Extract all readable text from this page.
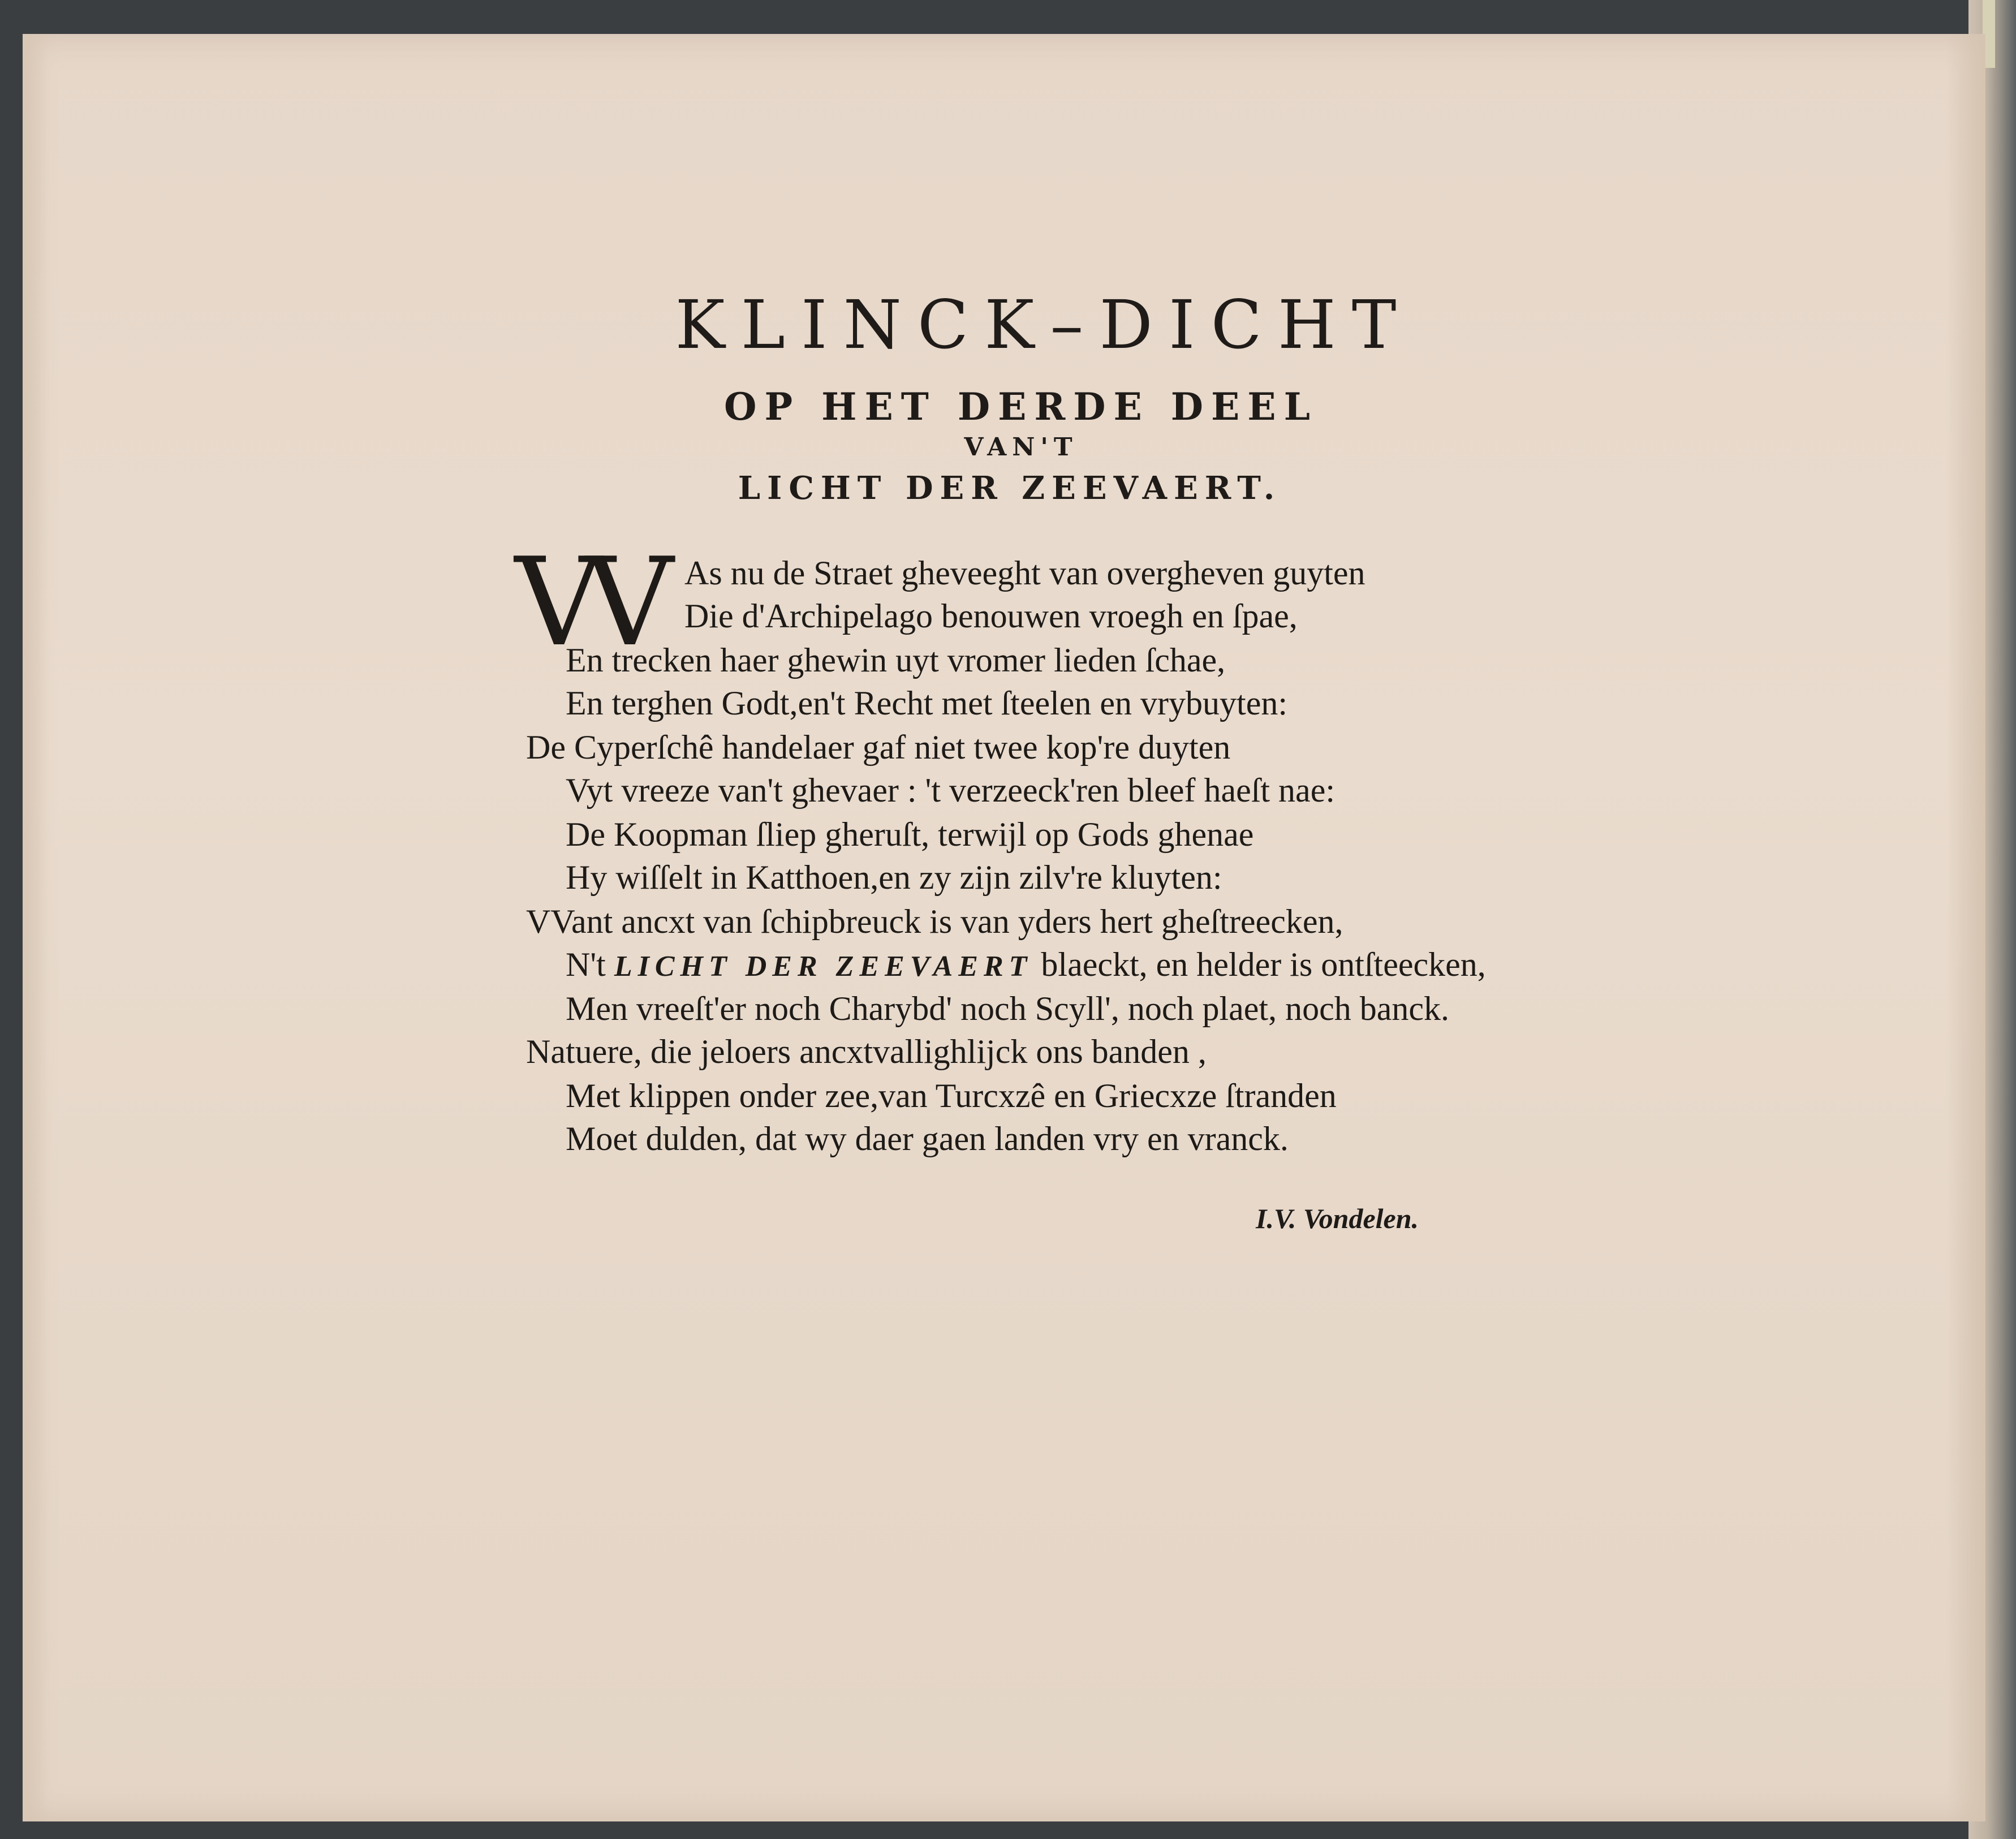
KLINCK–DICHT
OP HET DERDE DEEL
VAN'T
LICHT DER ZEEVAERT.
VV As nu de Straet gheveeght van overgheven guyten
Die d'Archipelago benouwen vroegh en ſpae,
En trecken haer ghewin uyt vromer lieden ſchae,
En terghen Godt,en't Recht met ſteelen en vrybuyten:
De Cyperſchê handelaer gaf niet twee kop're duyten
Vyt vreeze van't ghevaer : 't verzeeck'ren bleef haeſt nae:
De Koopman ſliep gheruſt, terwijl op Gods ghenae
Hy wiſſelt in Katthoen,en zy zijn zilv're kluyten:
VVant ancxt van ſchipbreuck is van yders hert gheſtreecken,
N't LICHT DER ZEEVAERT blaeckt, en helder is ontſteecken,
Men vreeſt'er noch Charybd' noch Scyll', noch plaet, noch banck.
Natuere, die jeloers ancxtvallighlijck ons banden ,
Met klippen onder zee,van Turcxzê en Griecxze ſtranden
Moet dulden, dat wy daer gaen landen vry en vranck.
I.V. Vondelen.
